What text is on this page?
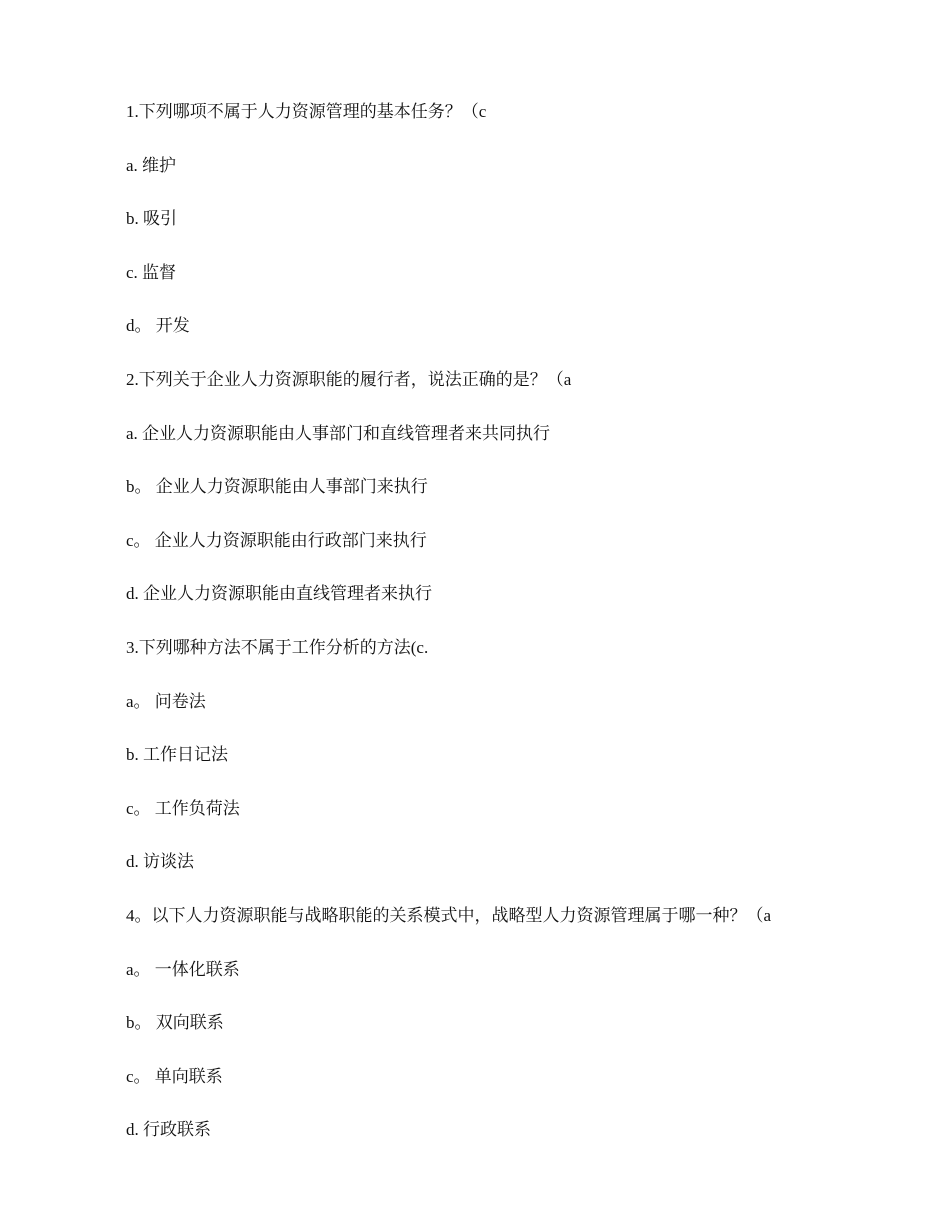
1.下列哪项不属于人力资源管理的基本任务？（c
a. 维护
b. 吸引
c. 监督
d。 开发
2.下列关于企业人力资源职能的履行者，说法正确的是？（a
a. 企业人力资源职能由人事部门和直线管理者来共同执行
b。 企业人力资源职能由人事部门来执行
c。 企业人力资源职能由行政部门来执行
d. 企业人力资源职能由直线管理者来执行
3.下列哪种方法不属于工作分析的方法(c.
a。 问卷法
b. 工作日记法
c。 工作负荷法
d. 访谈法
4。以下人力资源职能与战略职能的关系模式中，战略型人力资源管理属于哪一种？（a
a。 一体化联系
b。 双向联系
c。 单向联系
d. 行政联系
